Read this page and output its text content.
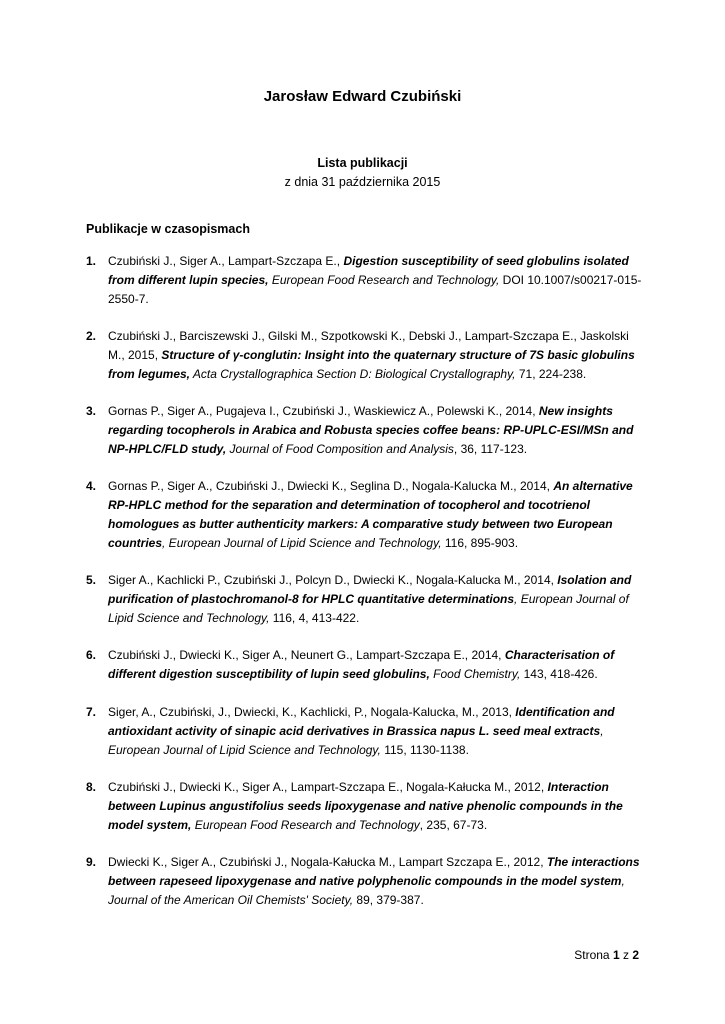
Jarosław Edward Czubiński
Lista publikacji
z dnia 31 października 2015
Publikacje w czasopismach
1. Czubiński J., Siger A., Lampart-Szczapa E., Digestion susceptibility of seed globulins isolated from different lupin species, European Food Research and Technology, DOI 10.1007/s00217-015-2550-7.
2. Czubiński J., Barciszewski J., Gilski M., Szpotkowski K., Debski J., Lampart-Szczapa E., Jaskolski M., 2015, Structure of γ-conglutin: Insight into the quaternary structure of 7S basic globulins from legumes, Acta Crystallographica Section D: Biological Crystallography, 71, 224-238.
3. Gornas P., Siger A., Pugajeva I., Czubiński J., Waskiewicz A., Polewski K., 2014, New insights regarding tocopherols in Arabica and Robusta species coffee beans: RP-UPLC-ESI/MSn and NP-HPLC/FLD study, Journal of Food Composition and Analysis, 36, 117-123.
4. Gornas P., Siger A., Czubiński J., Dwiecki K., Seglina D., Nogala-Kalucka M., 2014, An alternative RP-HPLC method for the separation and determination of tocopherol and tocotrienol homologues as butter authenticity markers: A comparative study between two European countries, European Journal of Lipid Science and Technology, 116, 895-903.
5. Siger A., Kachlicki P., Czubiński J., Polcyn D., Dwiecki K., Nogala-Kalucka M., 2014, Isolation and purification of plastochromanol-8 for HPLC quantitative determinations, European Journal of Lipid Science and Technology, 116, 4, 413-422.
6. Czubiński J., Dwiecki K., Siger A., Neunert G., Lampart-Szczapa E., 2014, Characterisation of different digestion susceptibility of lupin seed globulins, Food Chemistry, 143, 418-426.
7. Siger, A., Czubiński, J., Dwiecki, K., Kachlicki, P., Nogala-Kalucka, M., 2013, Identification and antioxidant activity of sinapic acid derivatives in Brassica napus L. seed meal extracts, European Journal of Lipid Science and Technology, 115, 1130-1138.
8. Czubiński J., Dwiecki K., Siger A., Lampart-Szczapa E., Nogala-Kałucka M., 2012, Interaction between Lupinus angustifolius seeds lipoxygenase and native phenolic compounds in the model system, European Food Research and Technology, 235, 67-73.
9. Dwiecki K., Siger A., Czubiński J., Nogala-Kałucka M., Lampart Szczapa E., 2012, The interactions between rapeseed lipoxygenase and native polyphenolic compounds in the model system, Journal of the American Oil Chemists' Society, 89, 379-387.
Strona 1 z 2
